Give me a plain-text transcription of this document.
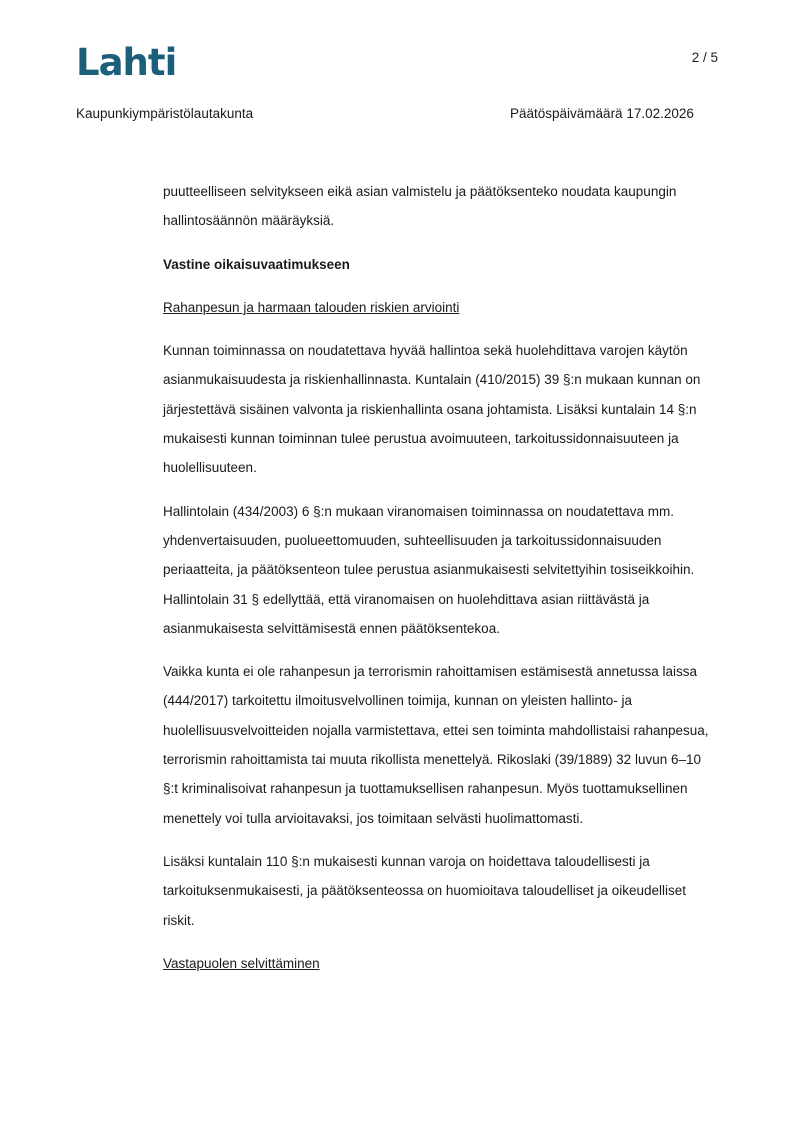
Lahti	2 / 5
Kaupunkiympäristölautakunta	Päätöspäivämäärä 17.02.2026

puutteelliseen selvitykseen eikä asian valmistelu ja päätöksenteko noudata kaupungin hallintosäännön määräyksiä.

Vastine oikaisuvaatimukseen

Rahanpesun ja harmaan talouden riskien arviointi

Kunnan toiminnassa on noudatettava hyvää hallintoa sekä huolehdittava varojen käytön asianmukaisuudesta ja riskienhallinnasta. Kuntalain (410/2015) 39 §:n mukaan kunnan on järjestettävä sisäinen valvonta ja riskienhallinta osana johtamista. Lisäksi kuntalain 14 §:n mukaisesti kunnan toiminnan tulee perustua avoimuuteen, tarkoitussidonnaisuuteen ja huolellisuuteen.

Hallintolain (434/2003) 6 §:n mukaan viranomaisen toiminnassa on noudatettava mm. yhdenvertaisuuden, puolueettomuuden, suhteellisuuden ja tarkoitussidonnaisuuden periaatteita, ja päätöksenteon tulee perustua asianmukaisesti selvitettyihin tosiseikkoihin. Hallintolain 31 § edellyttää, että viranomaisen on huolehdittava asian riittävästä ja asianmukaisesta selvittämisestä ennen päätöksentekoa.

Vaikka kunta ei ole rahanpesun ja terrorismin rahoittamisen estämisestä annetussa laissa (444/2017) tarkoitettu ilmoitusvelvollinen toimija, kunnan on yleisten hallinto- ja huolellisuusvelvoitteiden nojalla varmistettava, ettei sen toiminta mahdollistaisi rahanpesua, terrorismin rahoittamista tai muuta rikollista menettelyä. Rikoslaki (39/1889) 32 luvun 6–10 §:t kriminalisoivat rahanpesun ja tuottamuksellisen rahanpesun. Myös tuottamuksellinen menettely voi tulla arvioitavaksi, jos toimitaan selvästi huolimattomasti.

Lisäksi kuntalain 110 §:n mukaisesti kunnan varoja on hoidettava taloudellisesti ja tarkoituksenmukaisesti, ja päätöksenteossa on huomioitava taloudelliset ja oikeudelliset riskit.

Vastapuolen selvittäminen
